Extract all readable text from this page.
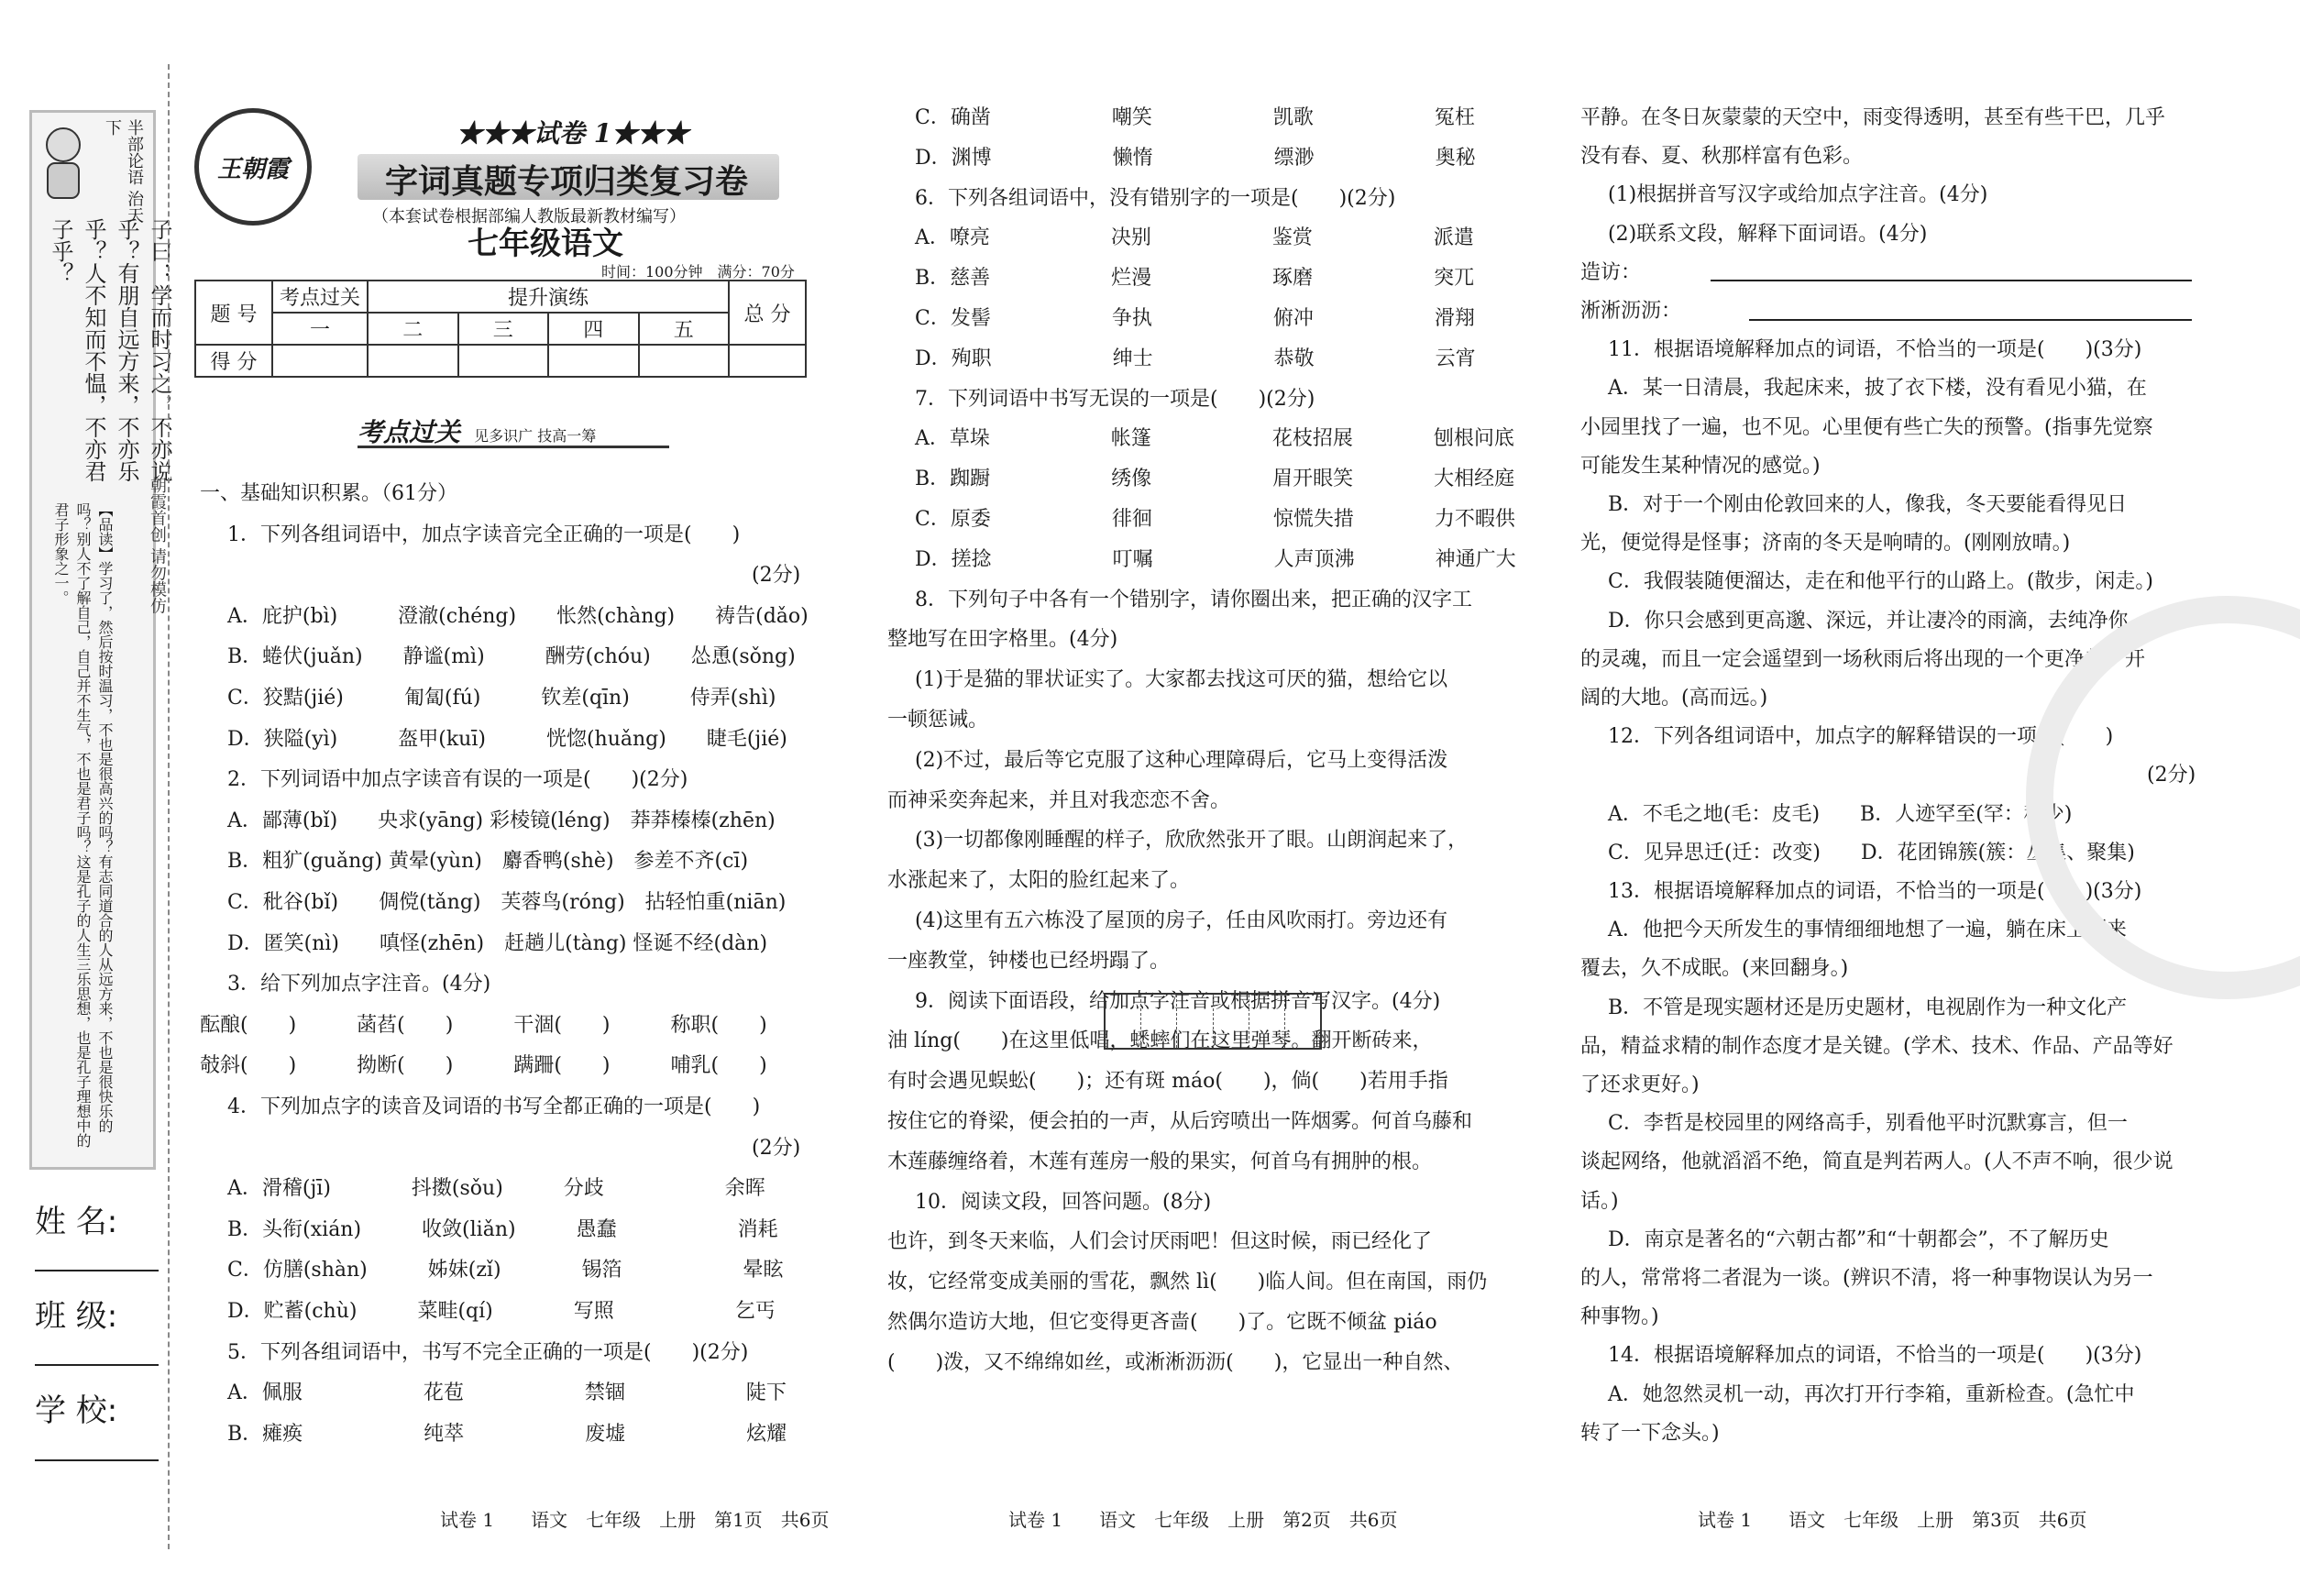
半部论语 治天下
子曰：学而时习之，不亦说乎？有朋自远方来，不亦乐乎？人不知而不愠，不亦君子乎？
【品读】学习了，然后按时温习，不也是很高兴的吗？有志同道合的人从远方来，不也是很快乐的吗？别人不了解自己，自己并不生气，不也是君子吗？这是孔子的人生三乐思想，也是孔子理想中的君子形象之一。	朝霞首创 请勿模仿
姓 名:
班 级:
学 校:
王朝霞
★★★试卷 1★★★
字词真题专项归类复习卷
（本套试卷根据部编人教版最新教材编写）
七年级语文
时间：100分钟　满分：70分
题 号	考点过关	提升演练				总 分
	一	二	三	四	五	
得 分						
考点过关 见多识广 技高一筹
一、基础知识积累。（61分）
1．下列各组词语中，加点字读音完全正确的一项是(　　)
(2分)
A．庇护(bì)　　　澄澈(chéng)　　怅然(chàng)　　祷告(dǎo)
B．蜷伏(juǎn)　　静谧(mì)　　　酬劳(chóu)　　怂恿(sǒng)
C．狡黠(jié)　　　匍匐(fú)　　　钦差(qīn)　　　侍弄(shì)
D．狭隘(yì)　　　盔甲(kuī)　　　恍惚(huǎng)　　睫毛(jié)
2．下列词语中加点字读音有误的一项是(　　)(2分)
A．鄙薄(bǐ)　　央求(yāng) 彩棱镜(léng)　莽莽榛榛(zhēn)
B．粗犷(guǎng) 黄晕(yùn)　麝香鸭(shè)　参差不齐(cī)
C．秕谷(bǐ)　　倜傥(tǎng)　芙蓉鸟(róng)　拈轻怕重(niān)
D．匿笑(nì)　　嗔怪(zhēn)　赶趟儿(tàng) 怪诞不经(dàn)
3．给下列加点字注音。(4分)
酝酿(　　)　　　菡萏(　　)　　　干涸(　　)　　　称职(　　)
攲斜(　　)　　　拗断(　　)　　　蹒跚(　　)　　　哺乳(　　)
4．下列加点字的读音及词语的书写全都正确的一项是(　　)
(2分)
A．滑稽(jī)　　　　抖擞(sǒu)　　　分歧　　　　　　余晖
B．头衔(xián)　　　收敛(liǎn)　　　愚蠢　　　　　　消耗
C．仿膳(shàn)　　　姊妹(zǐ)　　　　锡箔　　　　　　晕眩
D．贮蓄(chù)　　　菜畦(qí)　　　　写照　　　　　　乞丐
5．下列各组词语中，书写不完全正确的一项是(　　)(2分)
A．佩服　　　　　　花苞　　　　　　禁锢　　　　　　陡下
B．瘫痪　　　　　　纯萃　　　　　　废墟　　　　　　炫耀
C．确凿　　　　　　嘲笑　　　　　　凯歌　　　　　　冤枉
D．渊博　　　　　　懒惰　　　　　　缥渺　　　　　　奥秘
6．下列各组词语中，没有错别字的一项是(　　)(2分)
A．嘹亮　　　　　　决别　　　　　　鉴赏　　　　　　派遣
B．慈善　　　　　　烂漫　　　　　　琢磨　　　　　　突兀
C．发髻　　　　　　争执　　　　　　俯冲　　　　　　滑翔
D．殉职　　　　　　绅士　　　　　　恭敬　　　　　　云宵
7．下列词语中书写无误的一项是(　　)(2分)
A．草垛　　　　　　帐篷　　　　　　花枝招展　　　　刨根问底
B．踟蹰　　　　　　绣像　　　　　　眉开眼笑　　　　大相经庭
C．原委　　　　　　徘徊　　　　　　惊慌失措　　　　力不暇供
D．搓捻　　　　　　叮嘱　　　　　　人声顶沸　　　　神通广大
8．下列句子中各有一个错别字，请你圈出来，把正确的汉字工
整地写在田字格里。(4分)
(1)于是猫的罪状证实了。大家都去找这可厌的猫，想给它以
一顿惩诫。
(2)不过，最后等它克服了这种心理障碍后，它马上变得活泼
而神采奕奔起来，并且对我恋恋不舍。
(3)一切都像刚睡醒的样子，欣欣然张开了眼。山朗润起来了，
水涨起来了，太阳的脸红起来了。
(4)这里有五六栋没了屋顶的房子，任由风吹雨打。旁边还有
一座教堂，钟楼也已经坍蹋了。
9．阅读下面语段，给加点字注音或根据拼音写汉字。(4分)
油 líng(　　)在这里低唱，蟋蟀们在这里弹琴。翻开断砖来，
有时会遇见蜈蚣(　　)；还有斑 máo(　　)，倘(　　)若用手指
按住它的脊梁，便会拍的一声，从后窍喷出一阵烟雾。何首乌藤和
木莲藤缠络着，木莲有莲房一般的果实，何首乌有拥肿的根。
10．阅读文段，回答问题。(8分)
也许，到冬天来临，人们会讨厌雨吧！但这时候，雨已经化了
妆，它经常变成美丽的雪花，飘然 lì(　　)临人间。但在南国，雨仍
然偶尔造访大地，但它变得更吝啬(　　)了。它既不倾盆 piáo
(　　)泼，又不绵绵如丝，或淅淅沥沥(　　)，它显出一种自然、
平静。在冬日灰蒙蒙的天空中，雨变得透明，甚至有些干巴，几乎
没有春、夏、秋那样富有色彩。
(1)根据拼音写汉字或给加点字注音。(4分)
(2)联系文段，解释下面词语。(4分)
造访：
淅淅沥沥：
11．根据语境解释加点的词语，不恰当的一项是(　　)(3分)
A．某一日清晨，我起床来，披了衣下楼，没有看见小猫，在
小园里找了一遍，也不见。心里便有些亡失的预警。(指事先觉察
可能发生某种情况的感觉。)
B．对于一个刚由伦敦回来的人，像我，冬天要能看得见日
光，便觉得是怪事；济南的冬天是响晴的。(刚刚放晴。)
C．我假装随便溜达，走在和他平行的山路上。(散步，闲走。)
D．你只会感到更高邈、深远，并让凄冷的雨滴，去纯净你
的灵魂，而且一定会遥望到一场秋雨后将出现的一个更净美、开
阔的大地。(高而远。)
12．下列各组词语中，加点字的解释错误的一项是(　　)
(2分)
A．不毛之地(毛：皮毛)　　B．人迹罕至(罕：稀少)
C．见异思迁(迁：改变)　　D．花团锦簇(簇：丛集、聚集)
13．根据语境解释加点的词语，不恰当的一项是(　　)(3分)
A．他把今天所发生的事情细细地想了一遍，躺在床上翻来
覆去，久不成眠。(来回翻身。)
B．不管是现实题材还是历史题材，电视剧作为一种文化产
品，精益求精的制作态度才是关键。(学术、技术、作品、产品等好
了还求更好。)
C．李哲是校园里的网络高手，别看他平时沉默寡言，但一
谈起网络，他就滔滔不绝，简直是判若两人。(人不声不响，很少说
话。)
D．南京是著名的“六朝古都”和“十朝都会”，不了解历史
的人，常常将二者混为一谈。(辨识不清，将一种事物误认为另一
种事物。)
14．根据语境解释加点的词语，不恰当的一项是(　　)(3分)
A．她忽然灵机一动，再次打开行李箱，重新检查。(急忙中
转了一下念头。)
试卷 1　　语文　七年级　上册　第1页　共6页	试卷 1　　语文　七年级　上册　第2页　共6页	试卷 1　　语文　七年级　上册　第3页　共6页
